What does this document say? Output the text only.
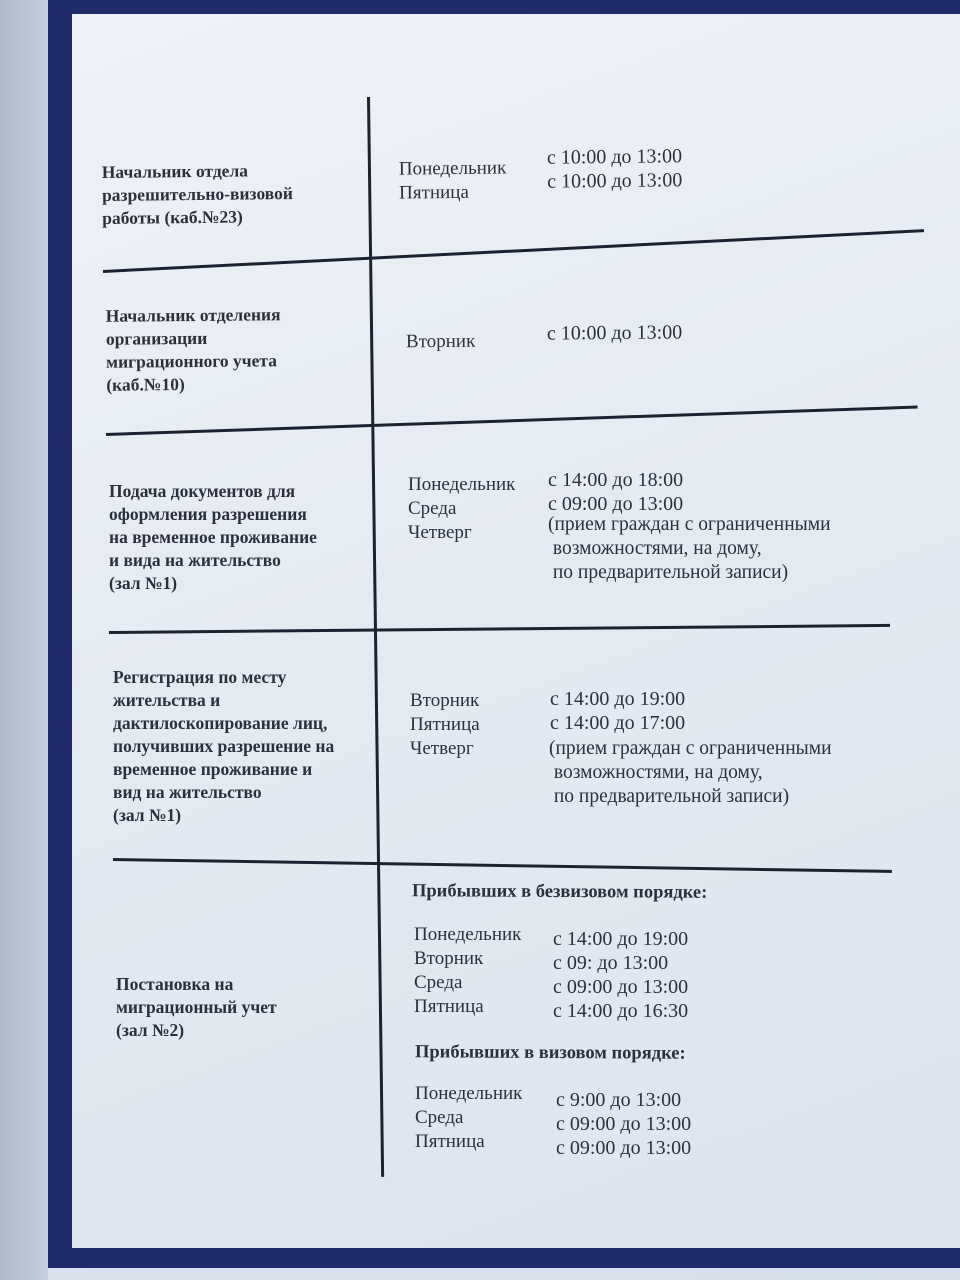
Начальник отдела
разрешительно-визовой
работы (каб.№23)
Понедельник
Пятница
с 10:00 до 13:00
с 10:00 до 13:00
Начальник отделения
организации
миграционного учета
(каб.№10)
Вторник	с 10:00 до 13:00
Подача документов для
оформления разрешения
на временное проживание
и вида на жительство
(зал №1)
Понедельник
Среда
Четверг
с 14:00 до 18:00
с 09:00 до 13:00
(прием граждан с ограниченными
возможностями, на дому,
по предварительной записи)
Регистрация по месту
жительства и
дактилоскопирование лиц,
получивших разрешение на
временное проживание и
вид на жительство
(зал №1)
Вторник
Пятница
Четверг
с 14:00 до 19:00
с 14:00 до 17:00
(прием граждан с ограниченными
возможностями, на дому,
по предварительной записи)
Постановка на
миграционный учет
(зал №2)
Прибывших в безвизовом порядке:
Понедельник
Вторник
Среда
Пятница
с 14:00 до 19:00
с 09: до 13:00
с 09:00 до 13:00
с 14:00 до 16:30
Прибывших в визовом порядке:
Понедельник
Среда
Пятница
с 9:00 до 13:00
с 09:00 до 13:00
с 09:00 до 13:00
